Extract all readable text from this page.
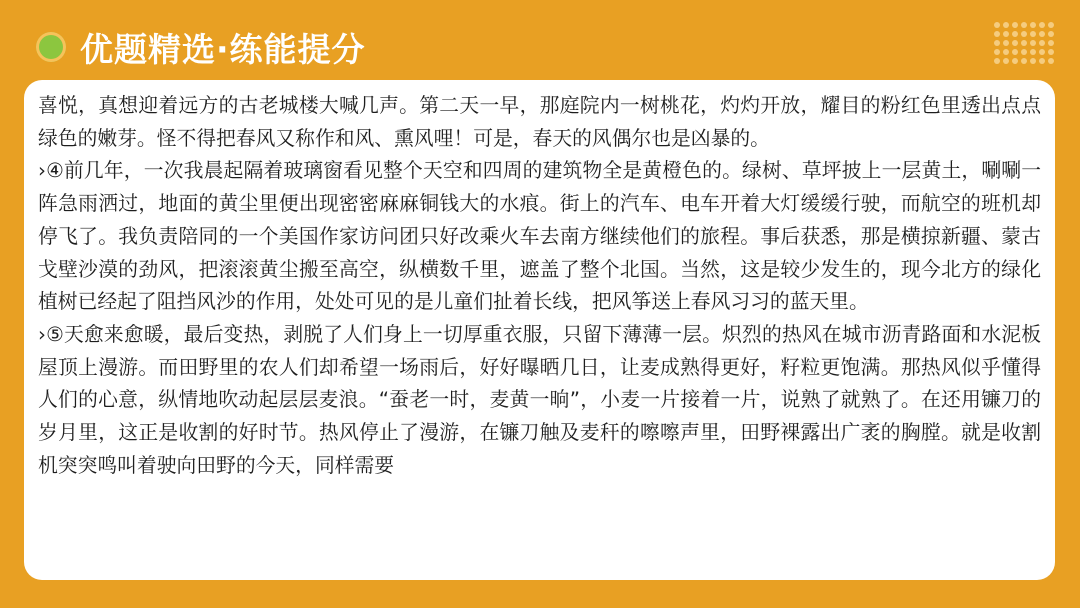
优题精选·练能提分

喜悦，真想迎着远方的古老城楼大喊几声。第二天一早，那庭院内一树桃花，灼灼开放，耀目的粉红色里透出点点绿色的嫩芽。怪不得把春风又称作和风、熏风哩！可是，春天的风偶尔也是凶暴的。

›④前几年，一次我晨起隔着玻璃窗看见整个天空和四周的建筑物全是黄橙色的。绿树、草坪披上一层黄土，唰唰一阵急雨洒过，地面的黄尘里便出现密密麻麻铜钱大的水痕。街上的汽车、电车开着大灯缓缓行驶，而航空的班机却停飞了。我负责陪同的一个美国作家访问团只好改乘火车去南方继续他们的旅程。事后获悉，那是横掠新疆、蒙古戈壁沙漠的劲风，把滚滚黄尘搬至高空，纵横数千里，遮盖了整个北国。当然，这是较少发生的，现今北方的绿化植树已经起了阻挡风沙的作用，处处可见的是儿童们扯着长线，把风筝送上春风习习的蓝天里。

›⑤天愈来愈暖，最后变热，剥脱了人们身上一切厚重衣服，只留下薄薄一层。炽烈的热风在城市沥青路面和水泥板屋顶上漫游。而田野里的农人们却希望一场雨后，好好曝晒几日，让麦成熟得更好，籽粒更饱满。那热风似乎懂得人们的心意，纵情地吹动起层层麦浪。“蚕老一时，麦黄一晌”，小麦一片接着一片，说熟了就熟了。在还用镰刀的岁月里，这正是收割的好时节。热风停止了漫游，在镰刀触及麦秆的嚓嚓声里，田野裸露出广袤的胸膛。就是收割机突突鸣叫着驶向田野的今天，同样需要
